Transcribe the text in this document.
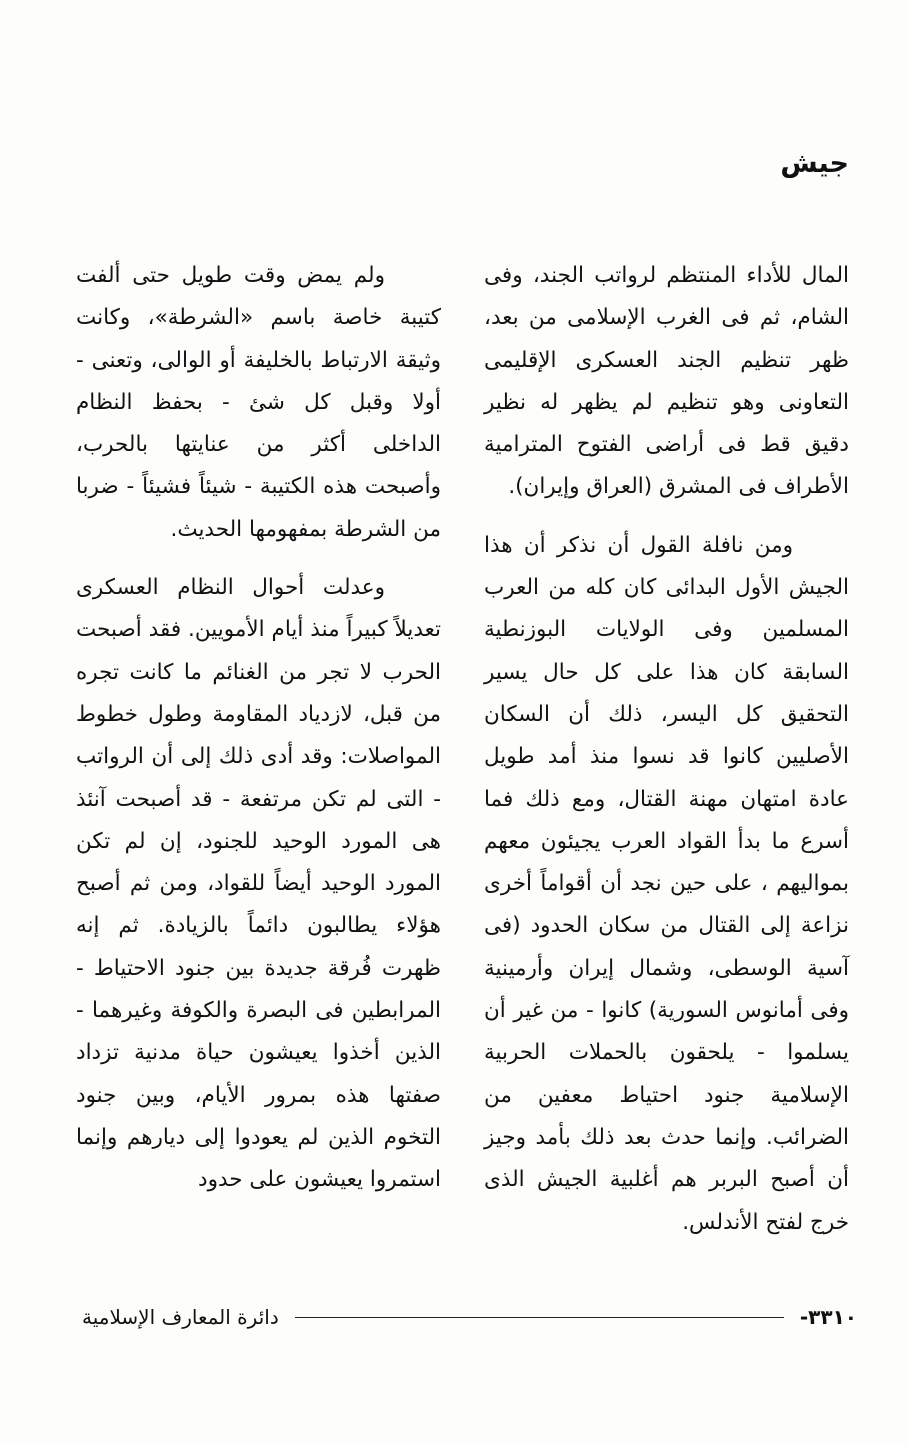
جيش

المال للأداء المنتظم لرواتب الجند، وفى الشام، ثم فى الغرب الإسلامى من بعد، ظهر تنظيم الجند العسكرى الإقليمى التعاونى وهو تنظيم لم يظهر له نظير دقيق قط فى أراضى الفتوح المترامية الأطراف فى المشرق (العراق وإيران).

ومن نافلة القول أن نذكر أن هذا الجيش الأول البدائى كان كله من العرب المسلمين وفى الولايات البوزنطية السابقة كان هذا على كل حال يسير التحقيق كل اليسر، ذلك أن السكان الأصليين كانوا قد نسوا منذ أمد طويل عادة امتهان مهنة القتال، ومع ذلك فما أسرع ما بدأ القواد العرب يجيئون معهم بمواليهم ، على حين نجد أن أقواماً أخرى نزاعة إلى القتال من سكان الحدود (فى آسية الوسطى، وشمال إيران وأرمينية وفى أمانوس السورية) كانوا - من غير أن يسلموا - يلحقون بالحملات الحربية الإسلامية جنود احتياط معفين من الضرائب. وإنما حدث بعد ذلك بأمد وجيز أن أصبح البربر هم أغلبية الجيش الذى خرج لفتح الأندلس.

ولم يمض وقت طويل حتى ألفت كتيبة خاصة باسم «الشرطة»، وكانت وثيقة الارتباط بالخليفة أو الوالى، وتعنى - أولا وقبل كل شئ - بحفظ النظام الداخلى أكثر من عنايتها بالحرب، وأصبحت هذه الكتيبة - شيئاً فشيئاً - ضربا من الشرطة بمفهومها الحديث.

وعدلت أحوال النظام العسكرى تعديلاً كبيراً منذ أيام الأمويين. فقد أصبحت الحرب لا تجر من الغنائم ما كانت تجره من قبل، لازدياد المقاومة وطول خطوط المواصلات: وقد أدى ذلك إلى أن الرواتب - التى لم تكن مرتفعة - قد أصبحت آنئذ هى المورد الوحيد للجنود، إن لم تكن المورد الوحيد أيضاً للقواد، ومن ثم أصبح هؤلاء يطالبون دائماً بالزيادة. ثم إنه ظهرت فُرقة جديدة بين جنود الاحتياط - المرابطين فى البصرة والكوفة وغيرهما - الذين أخذوا يعيشون حياة مدنية تزداد صفتها هذه بمرور الأيام، وبين جنود التخوم الذين لم يعودوا إلى ديارهم وإنما استمروا يعيشون على حدود

دائرة المعارف الإسلامية	٣٣١٠-
